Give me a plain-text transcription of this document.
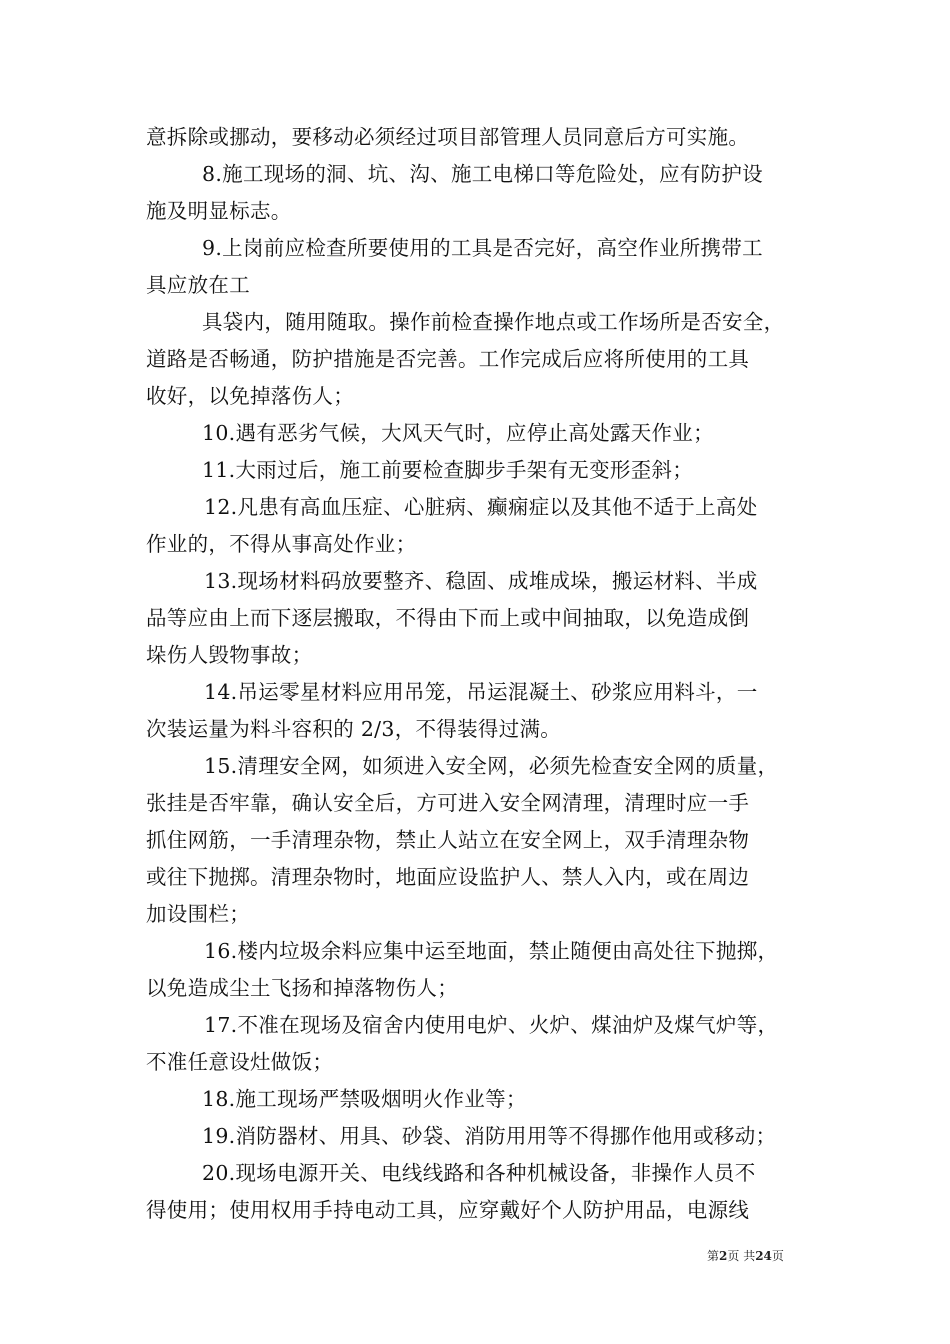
意拆除或挪动，要移动必须经过项目部管理人员同意后方可实施。
8.施工现场的洞、坑、沟、施工电梯口等危险处，应有防护设
施及明显标志。
9.上岗前应检查所要使用的工具是否完好，高空作业所携带工
具应放在工
具袋内，随用随取。操作前检查操作地点或工作场所是否安全，
道路是否畅通，防护措施是否完善。工作完成后应将所使用的工具
收好，以免掉落伤人；
10.遇有恶劣气候，大风天气时，应停止高处露天作业；
11.大雨过后，施工前要检查脚步手架有无变形歪斜；
12.凡患有高血压症、心脏病、癫痫症以及其他不适于上高处
作业的，不得从事高处作业；
13.现场材料码放要整齐、稳固、成堆成垛，搬运材料、半成
品等应由上而下逐层搬取，不得由下而上或中间抽取，以免造成倒
垛伤人毁物事故；
14.吊运零星材料应用吊笼，吊运混凝土、砂浆应用料斗，一
次装运量为料斗容积的 2/3，不得装得过满。
15.清理安全网，如须进入安全网，必须先检查安全网的质量，
张挂是否牢靠，确认安全后，方可进入安全网清理，清理时应一手
抓住网筋，一手清理杂物，禁止人站立在安全网上，双手清理杂物
或往下抛掷。清理杂物时，地面应设监护人、禁人入内，或在周边
加设围栏；
16.楼内垃圾余料应集中运至地面，禁止随便由高处往下抛掷，
以免造成尘土飞扬和掉落物伤人；
17.不准在现场及宿舍内使用电炉、火炉、煤油炉及煤气炉等，
不准任意设灶做饭；
18.施工现场严禁吸烟明火作业等；
19.消防器材、用具、砂袋、消防用用等不得挪作他用或移动；
20.现场电源开关、电线线路和各种机械设备，非操作人员不
得使用；使用权用手持电动工具，应穿戴好个人防护用品，电源线
第2页 共24页
